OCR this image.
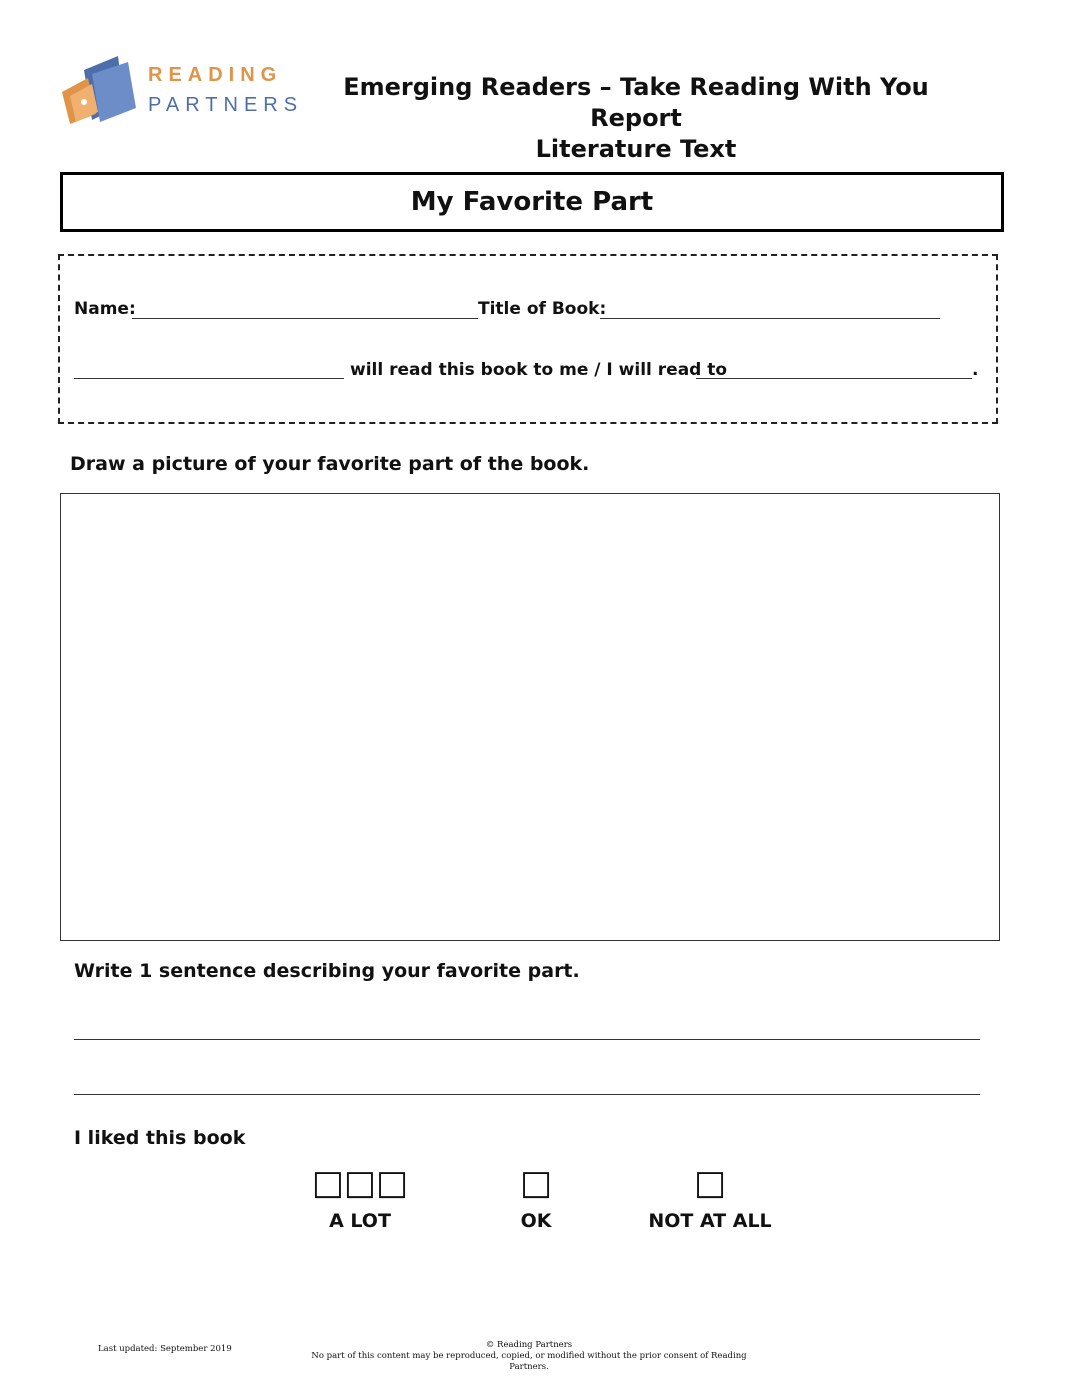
READING
PARTNERS
Emerging Readers – Take Reading With You Report
Literature Text
My Favorite Part
Name:	Title of Book:
will read this book to me / I will read to	.
Draw a picture of your favorite part of the book.
Write 1 sentence describing your favorite part.
I liked this book
□□□
A LOT
□
OK
□
NOT AT ALL
Last updated: September 2019	© Reading Partners
No part of this content may be reproduced, copied, or modified without the prior consent of Reading Partners.
